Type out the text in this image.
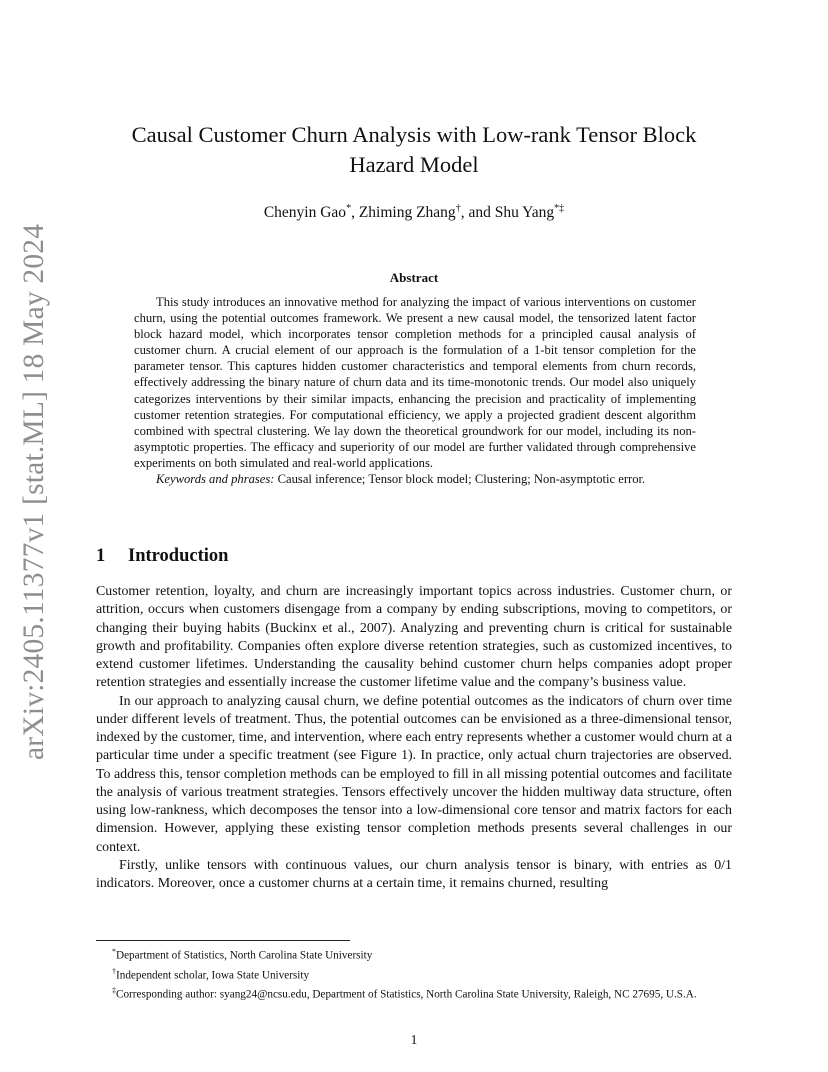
arXiv:2405.11377v1 [stat.ML] 18 May 2024
Causal Customer Churn Analysis with Low-rank Tensor Block
Hazard Model
Chenyin Gao*, Zhiming Zhang†, and Shu Yang*‡
Abstract

This study introduces an innovative method for analyzing the impact of various interventions on customer churn, using the potential outcomes framework. We present a new causal model, the tensorized latent factor block hazard model, which incorporates tensor completion methods for a principled causal analysis of customer churn. A crucial element of our approach is the formulation of a 1-bit tensor completion for the parameter tensor. This captures hidden customer characteristics and temporal elements from churn records, effectively addressing the binary nature of churn data and its time-monotonic trends. Our model also uniquely categorizes interventions by their similar impacts, enhancing the precision and practicality of implementing customer retention strategies. For computational efficiency, we apply a projected gradient descent algorithm combined with spectral clustering. We lay down the theoretical groundwork for our model, including its non-asymptotic properties. The efficacy and superiority of our model are further validated through comprehensive experiments on both simulated and real-world applications.

Keywords and phrases: Causal inference; Tensor block model; Clustering; Non-asymptotic error.

1 Introduction

Customer retention, loyalty, and churn are increasingly important topics across industries. Customer churn, or attrition, occurs when customers disengage from a company by ending subscriptions, moving to competitors, or changing their buying habits (Buckinx et al., 2007). Analyzing and preventing churn is critical for sustainable growth and profitability. Companies often explore diverse retention strategies, such as customized incentives, to extend customer lifetimes. Understanding the causality behind customer churn helps companies adopt proper retention strategies and essentially increase the customer lifetime value and the company’s business value.

In our approach to analyzing causal churn, we define potential outcomes as the indicators of churn over time under different levels of treatment. Thus, the potential outcomes can be envisioned as a three-dimensional tensor, indexed by the customer, time, and intervention, where each entry represents whether a customer would churn at a particular time under a specific treatment (see Figure 1). In practice, only actual churn trajectories are observed. To address this, tensor completion methods can be employed to fill in all missing potential outcomes and facilitate the analysis of various treatment strategies. Tensors effectively uncover the hidden multiway data structure, often using low-rankness, which decomposes the tensor into a low-dimensional core tensor and matrix factors for each dimension. However, applying these existing tensor completion methods presents several challenges in our context.

Firstly, unlike tensors with continuous values, our churn analysis tensor is binary, with entries as 0/1 indicators. Moreover, once a customer churns at a certain time, it remains churned, resulting

*Department of Statistics, North Carolina State University

†Independent scholar, Iowa State University

‡Corresponding author: syang24@ncsu.edu, Department of Statistics, North Carolina State University, Raleigh, NC 27695, U.S.A.

1
